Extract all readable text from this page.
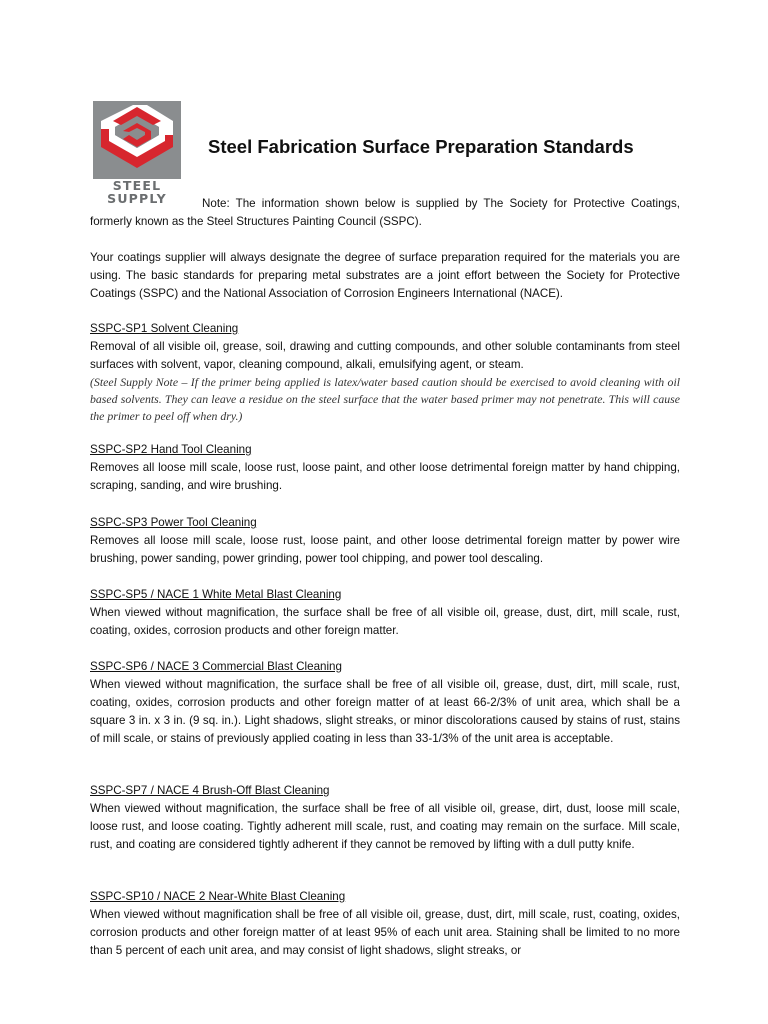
STEEL
SUPPLY
Steel Fabrication Surface Preparation Standards
Note: The information shown below is supplied by The Society for Protective Coatings, formerly known as the Steel Structures Painting Council (SSPC).
Your coatings supplier will always designate the degree of surface preparation required for the materials you are using. The basic standards for preparing metal substrates are a joint effort between the Society for Protective Coatings (SSPC) and the National Association of Corrosion Engineers International (NACE).
SSPC-SP1 Solvent Cleaning
Removal of all visible oil, grease, soil, drawing and cutting compounds, and other soluble contaminants from steel surfaces with solvent, vapor, cleaning compound, alkali, emulsifying agent, or steam.
(Steel Supply Note – If the primer being applied is latex/water based caution should be exercised to avoid cleaning with oil based solvents. They can leave a residue on the steel surface that the water based primer may not penetrate. This will cause the primer to peel off when dry.)
SSPC-SP2 Hand Tool Cleaning
Removes all loose mill scale, loose rust, loose paint, and other loose detrimental foreign matter by hand chipping, scraping, sanding, and wire brushing.
SSPC-SP3 Power Tool Cleaning
Removes all loose mill scale, loose rust, loose paint, and other loose detrimental foreign matter by power wire brushing, power sanding, power grinding, power tool chipping, and power tool descaling.
SSPC-SP5 / NACE 1 White Metal Blast Cleaning
When viewed without magnification, the surface shall be free of all visible oil, grease, dust, dirt, mill scale, rust, coating, oxides, corrosion products and other foreign matter.
SSPC-SP6 / NACE 3 Commercial Blast Cleaning
When viewed without magnification, the surface shall be free of all visible oil, grease, dust, dirt, mill scale, rust, coating, oxides, corrosion products and other foreign matter of at least 66-2/3% of unit area, which shall be a square 3 in. x 3 in. (9 sq. in.). Light shadows, slight streaks, or minor discolorations caused by stains of rust, stains of mill scale, or stains of previously applied coating in less than 33-1/3% of the unit area is acceptable.
SSPC-SP7 / NACE 4 Brush-Off Blast Cleaning
When viewed without magnification, the surface shall be free of all visible oil, grease, dirt, dust, loose mill scale, loose rust, and loose coating. Tightly adherent mill scale, rust, and coating may remain on the surface. Mill scale, rust, and coating are considered tightly adherent if they cannot be removed by lifting with a dull putty knife.
SSPC-SP10 / NACE 2 Near-White Blast Cleaning
When viewed without magnification shall be free of all visible oil, grease, dust, dirt, mill scale, rust, coating, oxides, corrosion products and other foreign matter of at least 95% of each unit area. Staining shall be limited to no more than 5 percent of each unit area, and may consist of light shadows, slight streaks, or
